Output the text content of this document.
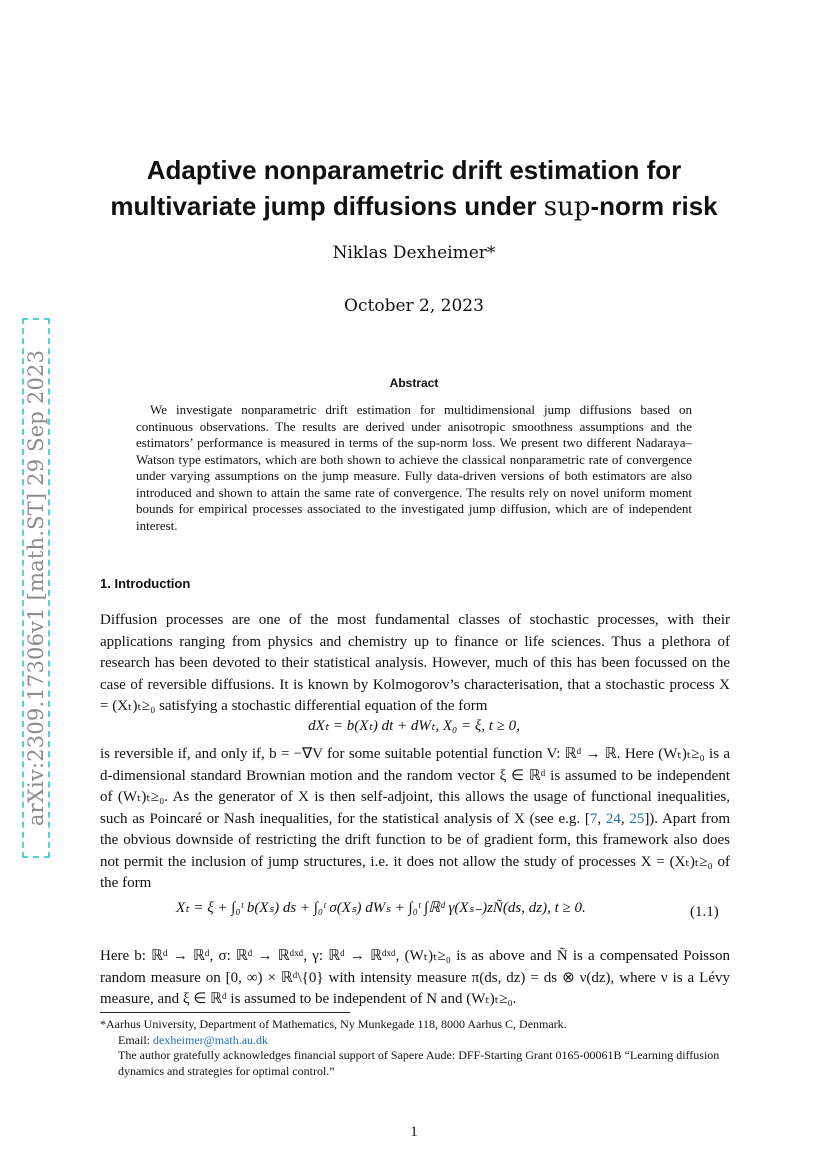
arXiv:2309.17306v1 [math.ST] 29 Sep 2023
Adaptive nonparametric drift estimation for
multivariate jump diffusions under sup-norm risk
Niklas Dexheimer*
October 2, 2023
Abstract
We investigate nonparametric drift estimation for multidimensional jump diffusions based on continuous observations. The results are derived under anisotropic smoothness assumptions and the estimators’ performance is measured in terms of the sup-norm loss. We present two different Nadaraya–Watson type estimators, which are both shown to achieve the classical nonparametric rate of convergence under varying assumptions on the jump measure. Fully data-driven versions of both estimators are also introduced and shown to attain the same rate of convergence. The results rely on novel uniform moment bounds for empirical processes associated to the investigated jump diffusion, which are of independent interest.
1. Introduction
Diffusion processes are one of the most fundamental classes of stochastic processes, with their applications ranging from physics and chemistry up to finance or life sciences. Thus a plethora of research has been devoted to their statistical analysis. However, much of this has been focussed on the case of reversible diffusions. It is known by Kolmogorov’s characterisation, that a stochastic process X = (Xₜ)ₜ≥₀ satisfying a stochastic differential equation of the form
dXₜ = b(Xₜ) dt + dWₜ, X₀ = ξ, t ≥ 0,
is reversible if, and only if, b = −∇V for some suitable potential function V: ℝᵈ → ℝ. Here (Wₜ)ₜ≥₀ is a d-dimensional standard Brownian motion and the random vector ξ ∈ ℝᵈ is assumed to be independent of (Wₜ)ₜ≥₀. As the generator of X is then self-adjoint, this allows the usage of functional inequalities, such as Poincaré or Nash inequalities, for the statistical analysis of X (see e.g. [7, 24, 25]). Apart from the obvious downside of restricting the drift function to be of gradient form, this framework also does not permit the inclusion of jump structures, i.e. it does not allow the study of processes X = (Xₜ)ₜ≥₀ of the form
Xₜ = ξ + ∫₀ᵗ b(Xₛ) ds + ∫₀ᵗ σ(Xₛ) dWₛ + ∫₀ᵗ ∫ℝᵈ γ(Xₛ₋)zÑ(ds, dz), t ≥ 0.	(1.1)
Here b: ℝᵈ → ℝᵈ, σ: ℝᵈ → ℝᵈˣᵈ, γ: ℝᵈ → ℝᵈˣᵈ, (Wₜ)ₜ≥₀ is as above and Ñ is a compensated Poisson random measure on [0, ∞) × ℝᵈ\{0} with intensity measure π(ds, dz) = ds ⊗ ν(dz), where ν is a Lévy measure, and ξ ∈ ℝᵈ is assumed to be independent of N and (Wₜ)ₜ≥₀.
*Aarhus University, Department of Mathematics, Ny Munkegade 118, 8000 Aarhus C, Denmark.
Email: dexheimer@math.au.dk
The author gratefully acknowledges financial support of Sapere Aude: DFF-Starting Grant 0165-00061B “Learning diffusion dynamics and strategies for optimal control.”
1
